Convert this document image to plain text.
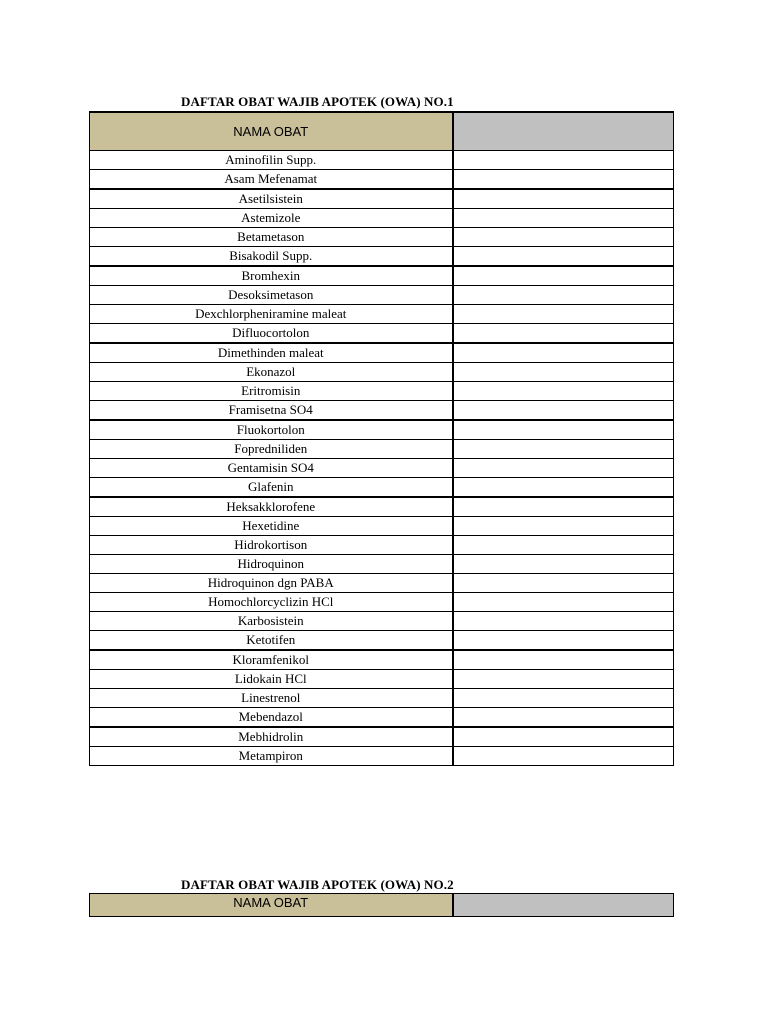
DAFTAR OBAT WAJIB APOTEK (OWA) NO.1
NAMA OBAT	
Aminofilin Supp.	
Asam Mefenamat	
Asetilsistein	
Astemizole	
Betametason	
Bisakodil Supp.	
Bromhexin	
Desoksimetason	
Dexchlorpheniramine maleat	
Difluocortolon	
Dimethinden maleat	
Ekonazol	
Eritromisin	
Framisetna SO4	
Fluokortolon	
Fopredniliden	
Gentamisin SO4	
Glafenin	
Heksakklorofene	
Hexetidine	
Hidrokortison	
Hidroquinon	
Hidroquinon dgn PABA	
Homochlorcyclizin HCl	
Karbosistein	
Ketotifen	
Kloramfenikol	
Lidokain HCl	
Linestrenol	
Mebendazol	
Mebhidrolin	
Metampiron	
DAFTAR OBAT WAJIB APOTEK (OWA) NO.2
NAMA OBAT	
